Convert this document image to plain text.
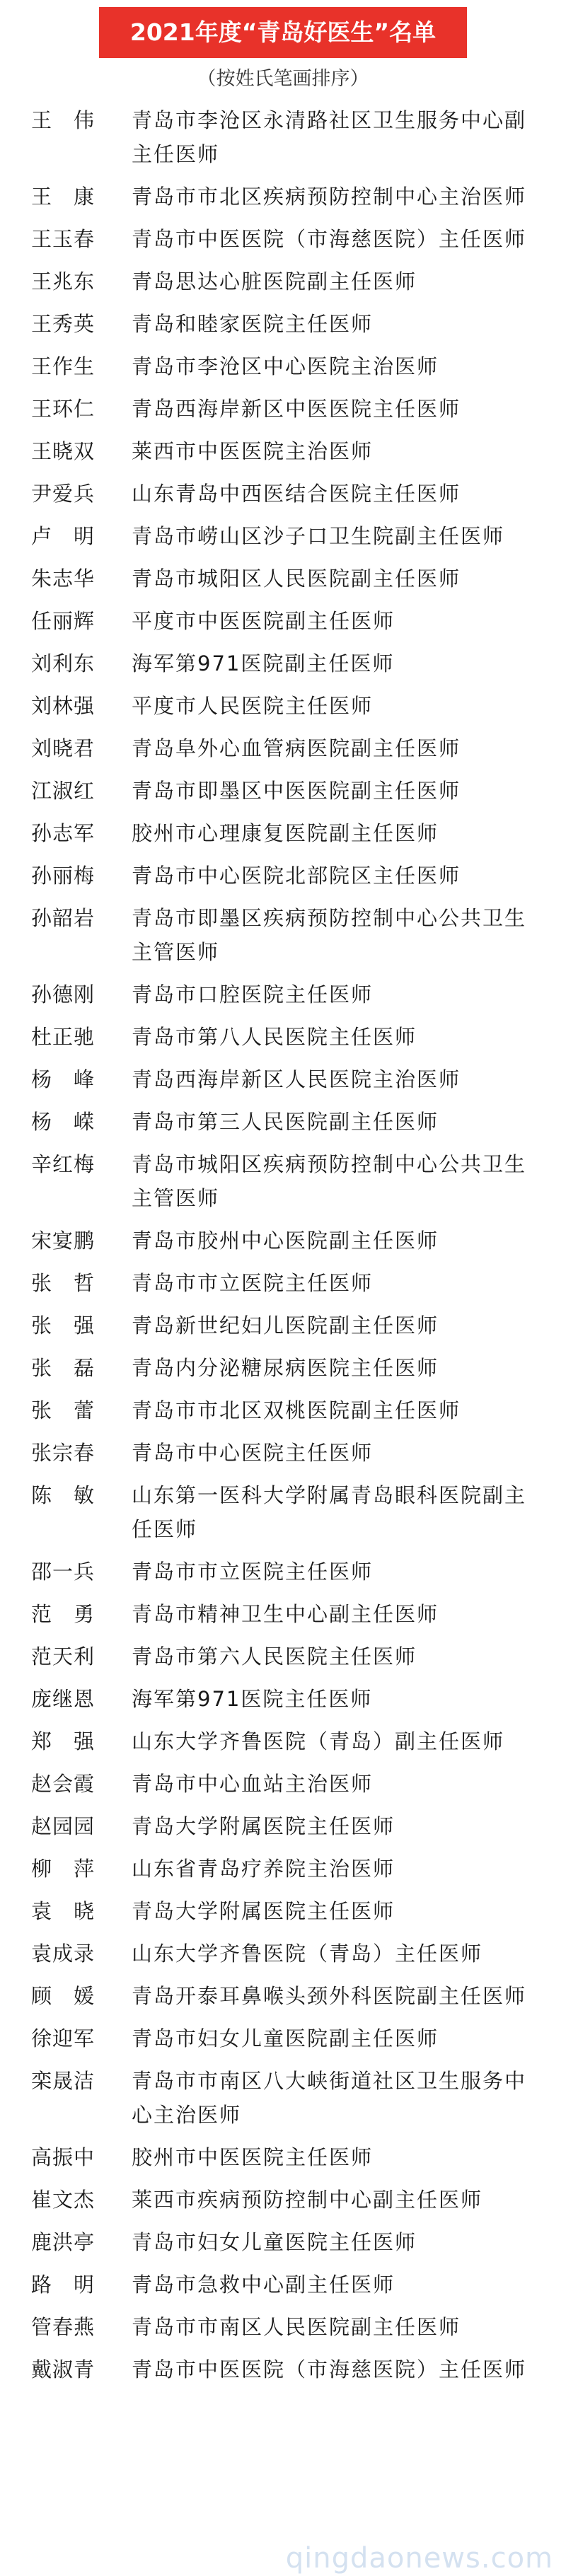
2021年度“青岛好医生”名单
（按姓氏笔画排序）
王　伟	青岛市李沧区永清路社区卫生服务中心副主任医师
王　康	青岛市市北区疾病预防控制中心主治医师
王玉春	青岛市中医医院（市海慈医院）主任医师
王兆东	青岛思达心脏医院副主任医师
王秀英	青岛和睦家医院主任医师
王作生	青岛市李沧区中心医院主治医师
王环仁	青岛西海岸新区中医医院主任医师
王晓双	莱西市中医医院主治医师
尹爱兵	山东青岛中西医结合医院主任医师
卢　明	青岛市崂山区沙子口卫生院副主任医师
朱志华	青岛市城阳区人民医院副主任医师
任丽辉	平度市中医医院副主任医师
刘利东	海军第971医院副主任医师
刘林强	平度市人民医院主任医师
刘晓君	青岛阜外心血管病医院副主任医师
江淑红	青岛市即墨区中医医院副主任医师
孙志军	胶州市心理康复医院副主任医师
孙丽梅	青岛市中心医院北部院区主任医师
孙韶岩	青岛市即墨区疾病预防控制中心公共卫生主管医师
孙德刚	青岛市口腔医院主任医师
杜正驰	青岛市第八人民医院主任医师
杨　峰	青岛西海岸新区人民医院主治医师
杨　嵘	青岛市第三人民医院副主任医师
辛红梅	青岛市城阳区疾病预防控制中心公共卫生主管医师
宋宴鹏	青岛市胶州中心医院副主任医师
张　哲	青岛市市立医院主任医师
张　强	青岛新世纪妇儿医院副主任医师
张　磊	青岛内分泌糖尿病医院主任医师
张　蕾	青岛市市北区双桃医院副主任医师
张宗春	青岛市中心医院主任医师
陈　敏	山东第一医科大学附属青岛眼科医院副主任医师
邵一兵	青岛市市立医院主任医师
范　勇	青岛市精神卫生中心副主任医师
范天利	青岛市第六人民医院主任医师
庞继恩	海军第971医院主任医师
郑　强	山东大学齐鲁医院（青岛）副主任医师
赵会霞	青岛市中心血站主治医师
赵园园	青岛大学附属医院主任医师
柳　萍	山东省青岛疗养院主治医师
袁　晓	青岛大学附属医院主任医师
袁成录	山东大学齐鲁医院（青岛）主任医师
顾　媛	青岛开泰耳鼻喉头颈外科医院副主任医师
徐迎军	青岛市妇女儿童医院副主任医师
栾晟洁	青岛市市南区八大峡街道社区卫生服务中心主治医师
高振中	胶州市中医医院主任医师
崔文杰	莱西市疾病预防控制中心副主任医师
鹿洪亭	青岛市妇女儿童医院主任医师
路　明	青岛市急救中心副主任医师
管春燕	青岛市市南区人民医院副主任医师
戴淑青	青岛市中医医院（市海慈医院）主任医师
qingdaonews.com
